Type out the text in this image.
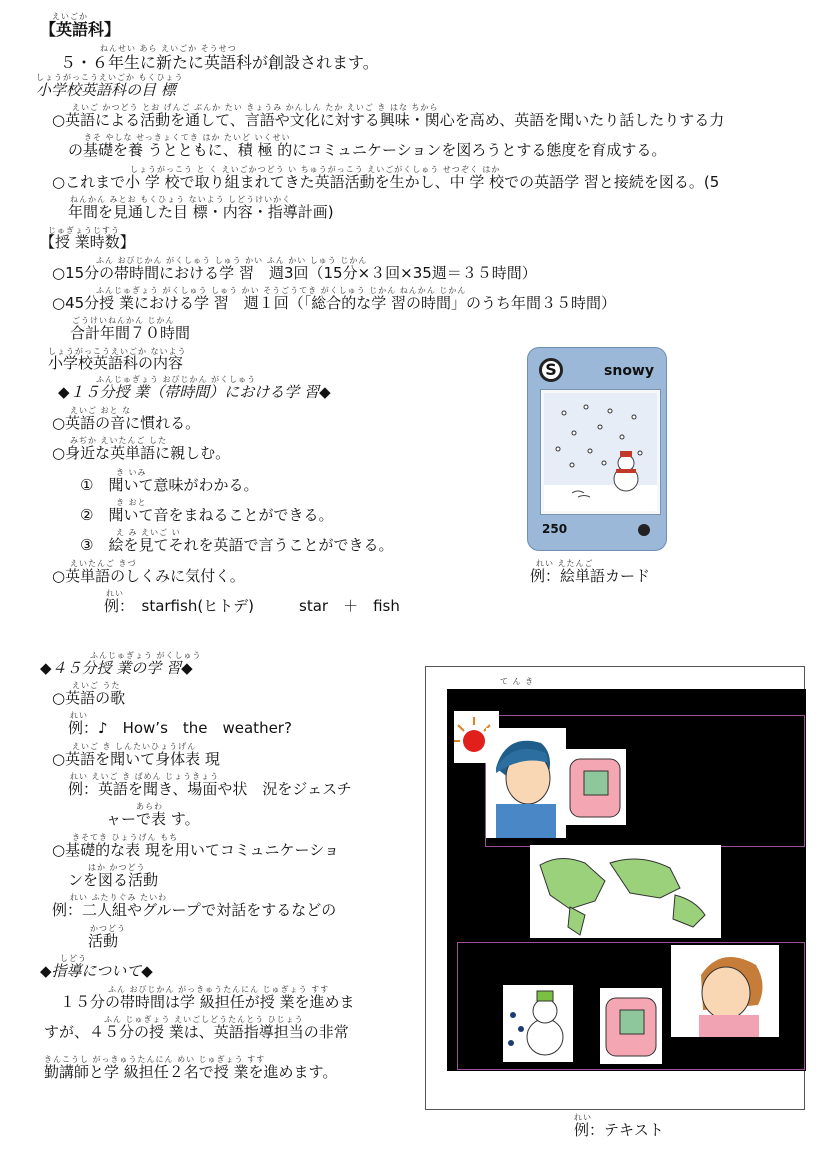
えいごか
【英語科】
ねんせい あら えいごか そうせつ
５・６年生に新たに英語科が創設されます。
しょうがっこうえいごか もくひょう
小学校英語科の目 標
えいご かつどう とお げんご ぶんか たい きょうみ かんしん たか えいご き はな ちから
○英語による活動を通して、言語や文化に対する興味・関心を高め、英語を聞いたり話したりする力
きそ やしな せっきょくてき はか たいど いくせい
の基礎を養 うとともに、積 極 的にコミュニケーションを図ろうとする態度を育成する。
しょうがっこう と く えいごかつどう い ちゅうがっこう えいごがくしゅう せつぞく はか
○これまで小 学 校で取り組まれてきた英語活動を生かし、中 学 校での英語学 習と接続を図る。(5
ねんかん みとお もくひょう ないよう しどうけいかく
年間を見通した目 標・内容・指導計画)
じゅぎょうじすう
【授 業時数】
ふん おびじかん がくしゅう しゅう かい ふん かい しゅう じかん
○15分の帯時間における学 習　週3回（15分×３回×35週＝３５時間）
ふんじゅぎょう がくしゅう しゅう かい そうごうてき がくしゅう じかん ねんかん じかん
○45分授 業における学 習　週１回（「総合的な学 習の時間」のうち年間３５時間）
ごうけいねんかん じかん
合計年間７０時間
しょうがっこうえいごか ないよう
小学校英語科の内容
ふんじゅぎょう おびじかん がくしゅう
◆１５分授 業（帯時間）における学 習◆
えいご おと な
○英語の音に慣れる。
みぢか えいたんご した
○身近な英単語に親しむ。
き いみ
①　聞いて意味がわかる。
き おと
②　聞いて音をまねることができる。
え み えいご い
③　絵を見てそれを英語で言うことができる。
えいたんご きづ
○英単語のしくみに気付く。
れい
例：　starfish(ヒトデ)　　　star　＋　fish
S	snowy
250
れい えたんご
例：絵単語カード
ふんじゅぎょう がくしゅう
◆４５分授 業の学 習◆
えいご うた
○英語の歌
れい
例：♪　How’s　the　weather?
えいご き しんたいひょうげん
○英語を聞いて身体表 現
れい えいご き ばめん じょうきょう
例：英語を聞き、場面や状　況をジェスチ
あらわ
ャーで表 す。
きそてき ひょうげん もち
○基礎的な表 現を用いてコミュニケーショ
はか かつどう
ンを図る活動
れい ふたりぐみ たいわ
例：二人組やグループで対話をするなどの
かつどう
活動
しどう
◆指導について◆
ふん おびじかん がっきゅうたんにん じゅぎょう すす
１５分の帯時間は学 級担任が授 業を進めま
ふん じゅぎょう えいごしどうたんとう ひじょう
すが、４５分の授 業は、英語指導担当の非常
きんこうし がっきゅうたんにん めい じゅぎょう すす
勤講師と学 級担任２名で授 業を進めます。
て ん き
れい
例：テキスト
